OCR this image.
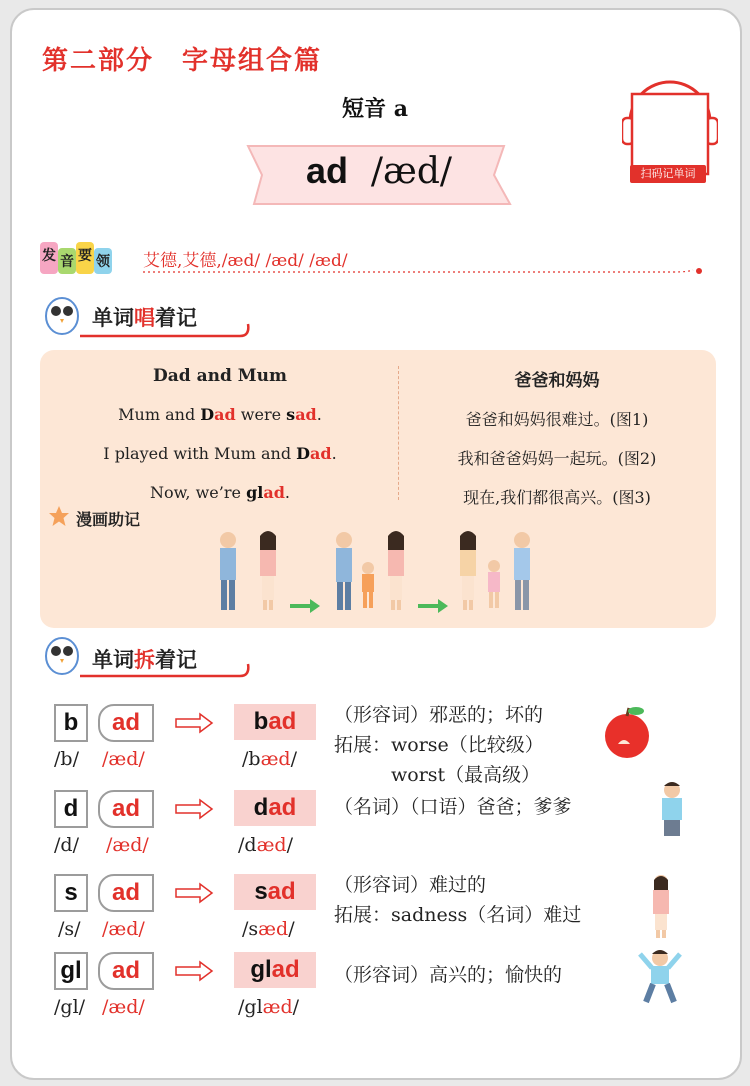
第二部分　字母组合篇
短音 a
ad /æd/	扫码记单词
发 音 要 领 艾德,艾德,/æd/ /æd/ /æd/
单词唱着记
Dad and Mum
Mum and Dad were sad.
I played with Mum and Dad.
Now, we’re glad.
爸爸和妈妈
爸爸和妈妈很难过。(图1)
我和爸爸妈妈一起玩。(图2)
现在,我们都很高兴。(图3)
漫画助记
单词拆着记
b	ad	bad
/b/ /æd/	/bæd/
（形容词）邪恶的；坏的
拓展：worse（比较级）
　　　worst（最高级）
d	ad	dad
/d/ /æd/	/dæd/
（名词）（口语）爸爸；爹爹
s	ad	sad
/s/ /æd/	/sæd/
（形容词）难过的
拓展：sadness（名词）难过
gl	ad	glad
/gl/ /æd/	/glæd/
（形容词）高兴的；愉快的
